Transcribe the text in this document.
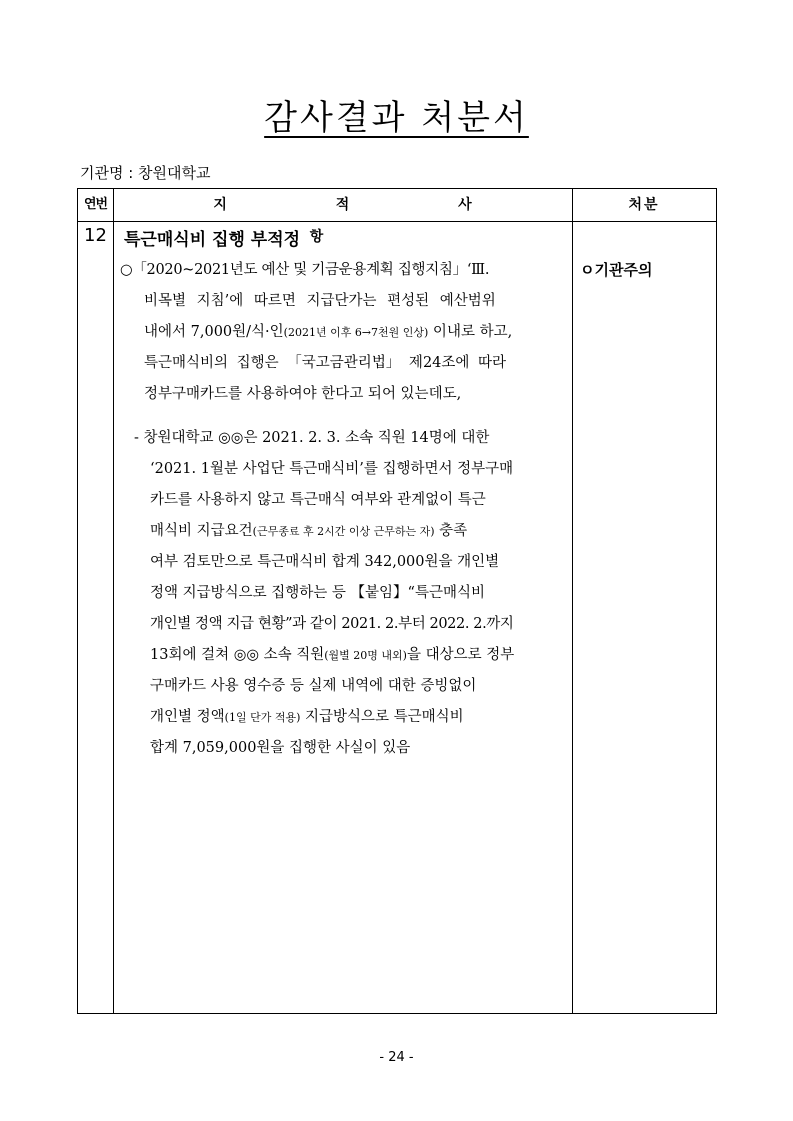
감사결과 처분서
기관명 : 창원대학교
연번	지 적 사 항
처분
12	특근매식비 집행 부적정
○「2020~2021년도 예산 및 기금운용계획 집행지침」‘Ⅲ.
비목별 지침’에 따르면 지급단가는 편성된 예산범위
내에서 7,000원/식·인(2021년 이후 6→7천원 인상) 이내로 하고,
특근매식비의 집행은 「국고금관리법」 제24조에 따라
정부구매카드를 사용하여야 한다고 되어 있는데도,
- 창원대학교 ◎◎은 2021. 2. 3. 소속 직원 14명에 대한
‘2021. 1월분 사업단 특근매식비’를 집행하면서 정부구매
카드를 사용하지 않고 특근매식 여부와 관계없이 특근
매식비 지급요건(근무종료 후 2시간 이상 근무하는 자) 충족
여부 검토만으로 특근매식비 합계 342,000원을 개인별
정액 지급방식으로 집행하는 등 【붙임】“특근매식비
개인별 정액 지급 현황”과 같이 2021. 2.부터 2022. 2.까지
13회에 걸쳐 ◎◎ 소속 직원(월별 20명 내외)을 대상으로 정부
구매카드 사용 영수증 등 실제 내역에 대한 증빙없이
개인별 정액(1일 단가 적용) 지급방식으로 특근매식비
합계 7,059,000원을 집행한 사실이 있음
ㅇ기관주의
- 24 -
